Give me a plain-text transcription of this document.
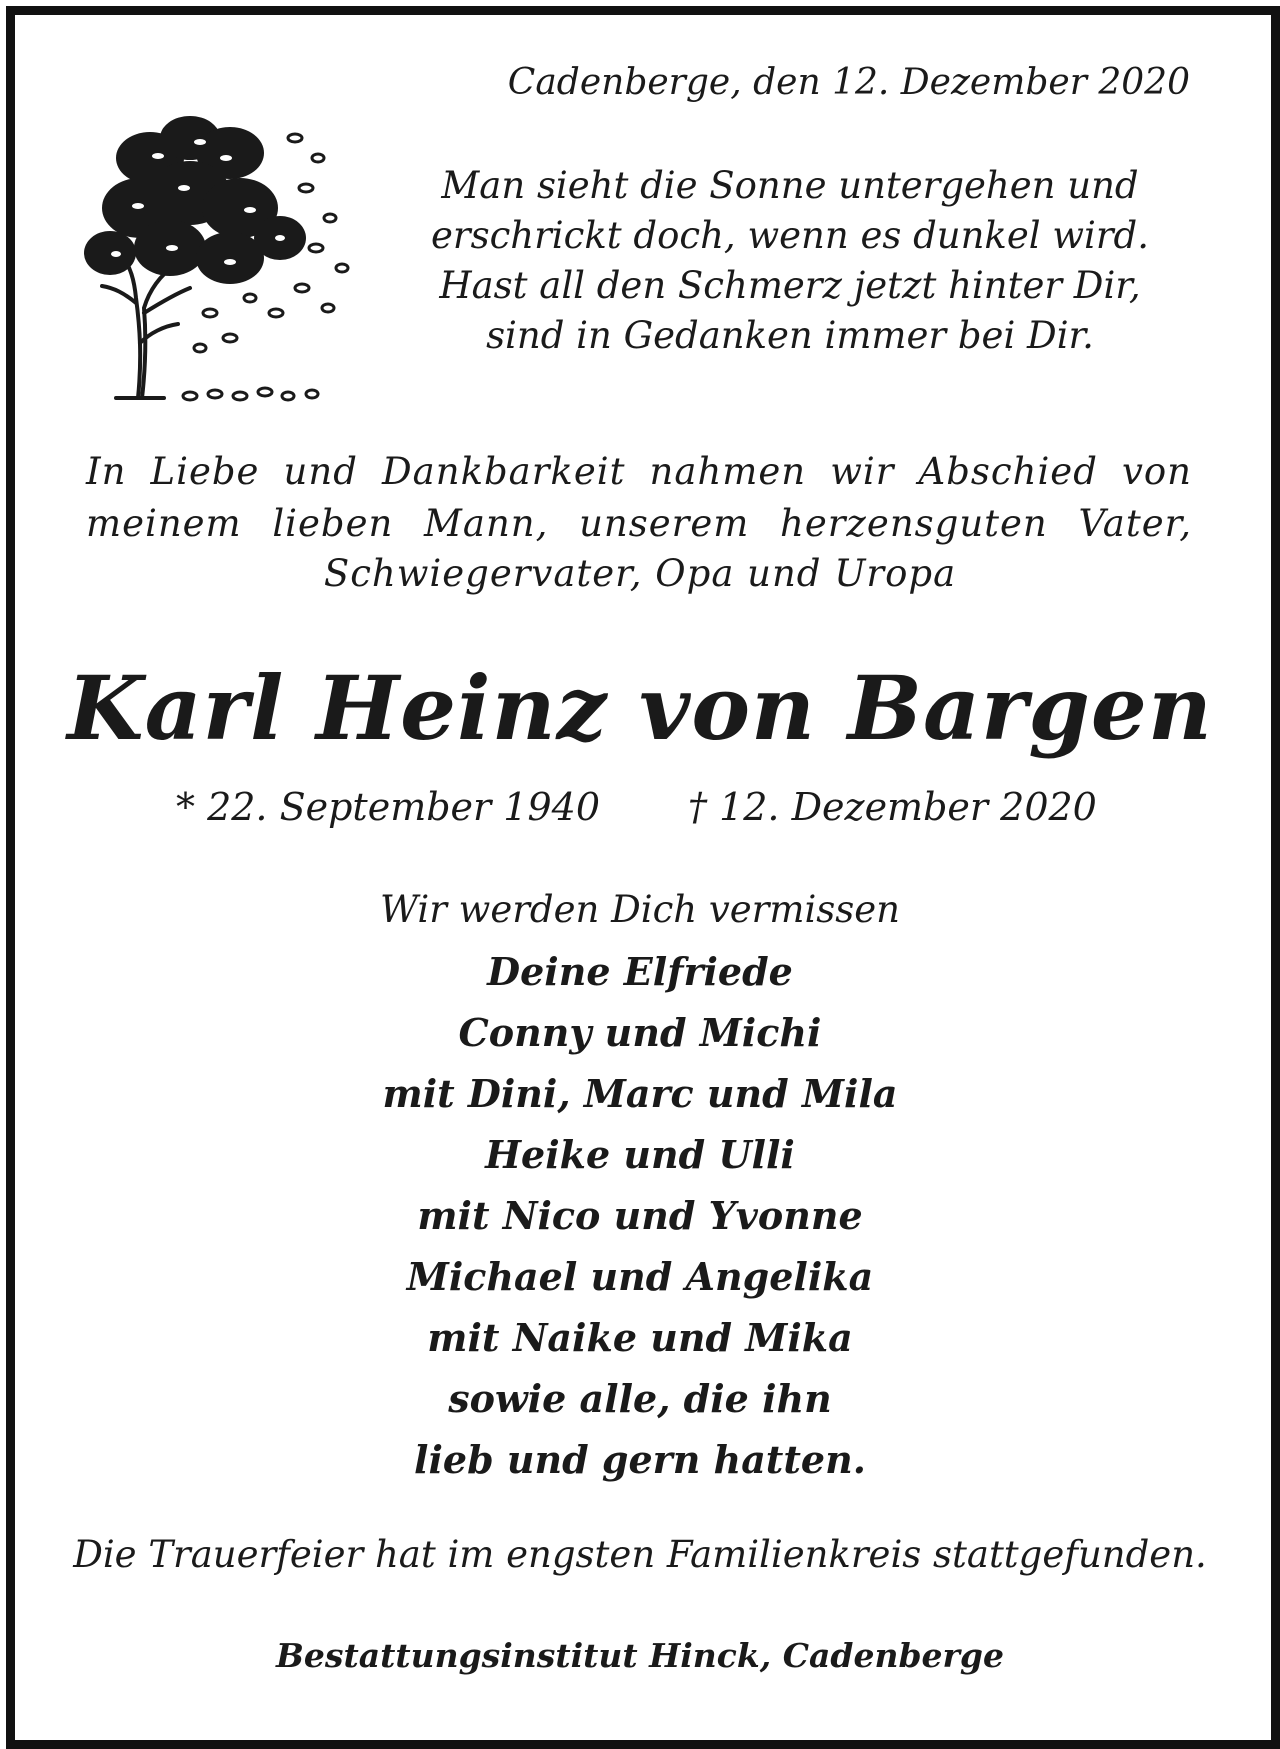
Cadenberge, den 12. Dezember 2020
Man sieht die Sonne untergehen und
erschrickt doch, wenn es dunkel wird.
Hast all den Schmerz jetzt hinter Dir,
sind in Gedanken immer bei Dir.
In Liebe und Dankbarkeit nahmen wir Abschied von
meinem lieben Mann, unserem herzensguten Vater,
Schwiegervater, Opa und Uropa
Karl Heinz von Bargen
* 22. September 1940 † 12. Dezember 2020
Wir werden Dich vermissen
Deine Elfriede
Conny und Michi
mit Dini, Marc und Mila
Heike und Ulli
mit Nico und Yvonne
Michael und Angelika
mit Naike und Mika
sowie alle, die ihn
lieb und gern hatten.
Die Trauerfeier hat im engsten Familienkreis stattgefunden.
Bestattungsinstitut Hinck, Cadenberge
